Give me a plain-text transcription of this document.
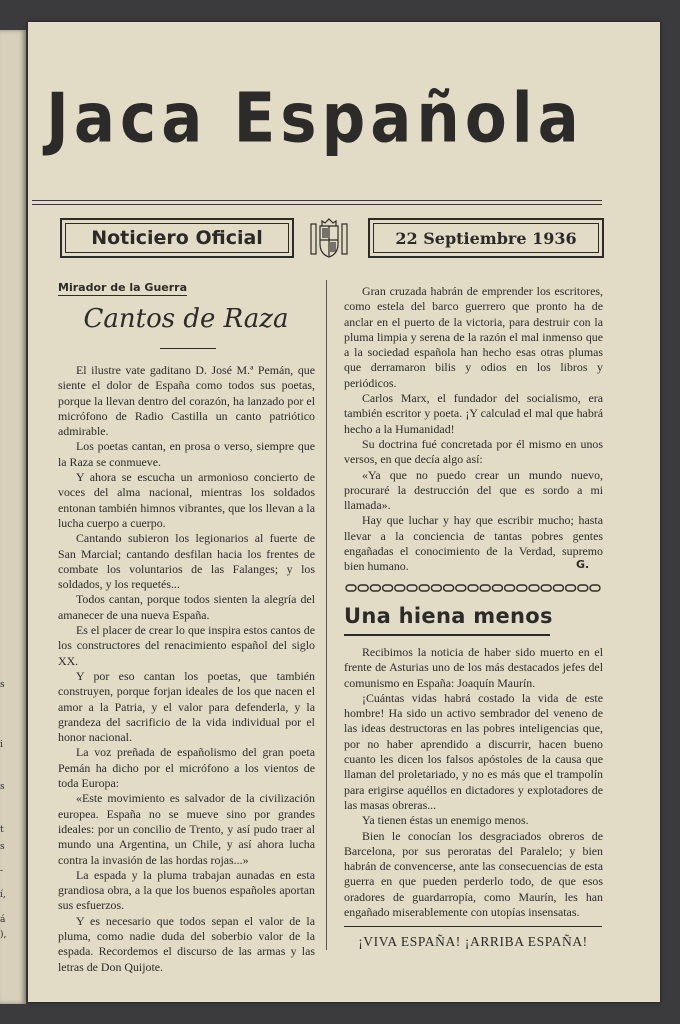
s
i
s
t
s
-
í,
á
),
Jaca Española
Noticiero Oficial	22 Septiembre 1936
Mirador de la Guerra
Cantos de Raza

El ilustre vate gaditano D. José M.ª Pemán, que siente el dolor de España como todos sus poetas, porque la llevan dentro del corazón, ha lanzado por el micrófono de Radio Castilla un canto patriótico admirable.

Los poetas cantan, en prosa o verso, siempre que la Raza se conmueve.

Y ahora se escucha un armonioso concierto de voces del alma nacional, mientras los soldados entonan también himnos vibrantes, que los llevan a la lucha cuerpo a cuerpo.

Cantando subieron los legionarios al fuerte de San Marcial; cantando desfilan hacia los frentes de combate los voluntarios de las Falanges; y los soldados, y los requetés...

Todos cantan, porque todos sienten la alegría del amanecer de una nueva España.

Es el placer de crear lo que inspira estos cantos de los constructores del renacimiento español del siglo XX.

Y por eso cantan los poetas, que también construyen, porque forjan ideales de los que nacen el amor a la Patria, y el valor para defenderla, y la grandeza del sacrificio de la vida individual por el honor nacional.

La voz preñada de españolismo del gran poeta Pemán ha dicho por el micrófono a los vientos de toda Europa:

«Este movimiento es salvador de la civilización europea. España no se mueve sino por grandes ideales: por un concilio de Trento, y así pudo traer al mundo una Argentina, un Chile, y así ahora lucha contra la invasión de las hordas rojas...»

La espada y la pluma trabajan aunadas en esta grandiosa obra, a la que los buenos españoles aportan sus esfuerzos.

Y es necesario que todos sepan el valor de la pluma, como nadie duda del soberbio valor de la espada. Recordemos el discurso de las armas y las letras de Don Quijote.

Gran cruzada habrán de emprender los escritores, como estela del barco guerrero que pronto ha de anclar en el puerto de la victoria, para destruir con la pluma limpia y serena de la razón el mal inmenso que a la sociedad española han hecho esas otras plumas que derramaron bilis y odios en los libros y periódicos.

Carlos Marx, el fundador del socialismo, era también escritor y poeta. ¡Y calculad el mal que habrá hecho a la Humanidad!

Su doctrina fué concretada por él mismo en unos versos, en que decía algo así:

«Ya que no puedo crear un mundo nuevo, procuraré la destrucción del que es sordo a mi llamada».

Hay que luchar y hay que escribir mucho; hasta llevar a la conciencia de tantas pobres gentes engañadas el conocimiento de la Verdad, supremo bien humano.	G.
Una hiena menos

Recibimos la noticia de haber sido muerto en el frente de Asturias uno de los más destacados jefes del comunismo en España: Joaquín Maurín.

¡Cuántas vidas habrá costado la vida de este hombre! Ha sido un activo sembrador del veneno de las ideas destructoras en las pobres inteligencias que, por no haber aprendido a discurrir, hacen bueno cuanto les dicen los falsos apóstoles de la causa que llaman del proletariado, y no es más que el trampolín para erigirse aquéllos en dictadores y explotadores de las masas obreras...

Ya tienen éstas un enemigo menos.

Bien le conocían los desgraciados obreros de Barcelona, por sus peroratas del Paralelo; y bien habrán de convencerse, ante las consecuencias de esta guerra en que pueden perderlo todo, de que esos oradores de guardarropía, como Maurín, les han engañado miserablemente con utopías insensatas.

¡VIVA ESPAÑA! ¡ARRIBA ESPAÑA!
